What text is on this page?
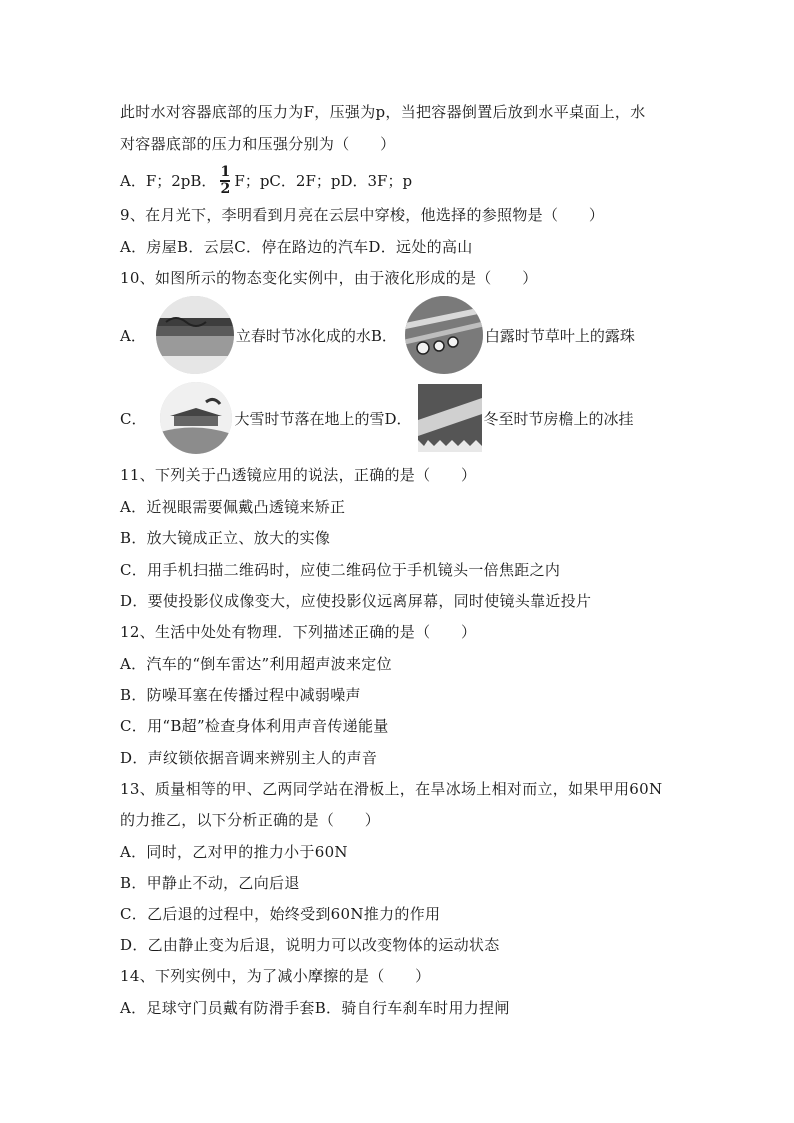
此时水对容器底部的压力为F，压强为p，当把容器倒置后放到水平桌面上，水
对容器底部的压力和压强分别为（　　）
A．F；2pB． $\frac{1}{2}$ F；pC．2F；pD．3F；p
9、在月光下，李明看到月亮在云层中穿梭，他选择的参照物是（　　）
A．房屋B．云层C．停在路边的汽车D．远处的高山
10、如图所示的物态变化实例中，由于液化形成的是（　　）
A．	立春时节冰化成的水B．	白露时节草叶上的露珠
C．	大雪时节落在地上的雪D．	冬至时节房檐上的冰挂
11、下列关于凸透镜应用的说法，正确的是（　　）
A．近视眼需要佩戴凸透镜来矫正
B．放大镜成正立、放大的实像
C．用手机扫描二维码时，应使二维码位于手机镜头一倍焦距之内
D．要使投影仪成像变大，应使投影仪远离屏幕，同时使镜头靠近投片
12、生活中处处有物理．下列描述正确的是（　　）
A．汽车的“倒车雷达”利用超声波来定位
B．防噪耳塞在传播过程中减弱噪声
C．用“B超”检查身体利用声音传递能量
D．声纹锁依据音调来辨别主人的声音
13、质量相等的甲、乙两同学站在滑板上，在旱冰场上相对而立，如果甲用60N
的力推乙，以下分析正确的是（　　）
A．同时，乙对甲的推力小于60N
B．甲静止不动，乙向后退
C．乙后退的过程中，始终受到60N推力的作用
D．乙由静止变为后退，说明力可以改变物体的运动状态
14、下列实例中，为了减小摩擦的是（　　）
A．足球守门员戴有防滑手套B．骑自行车刹车时用力捏闸
